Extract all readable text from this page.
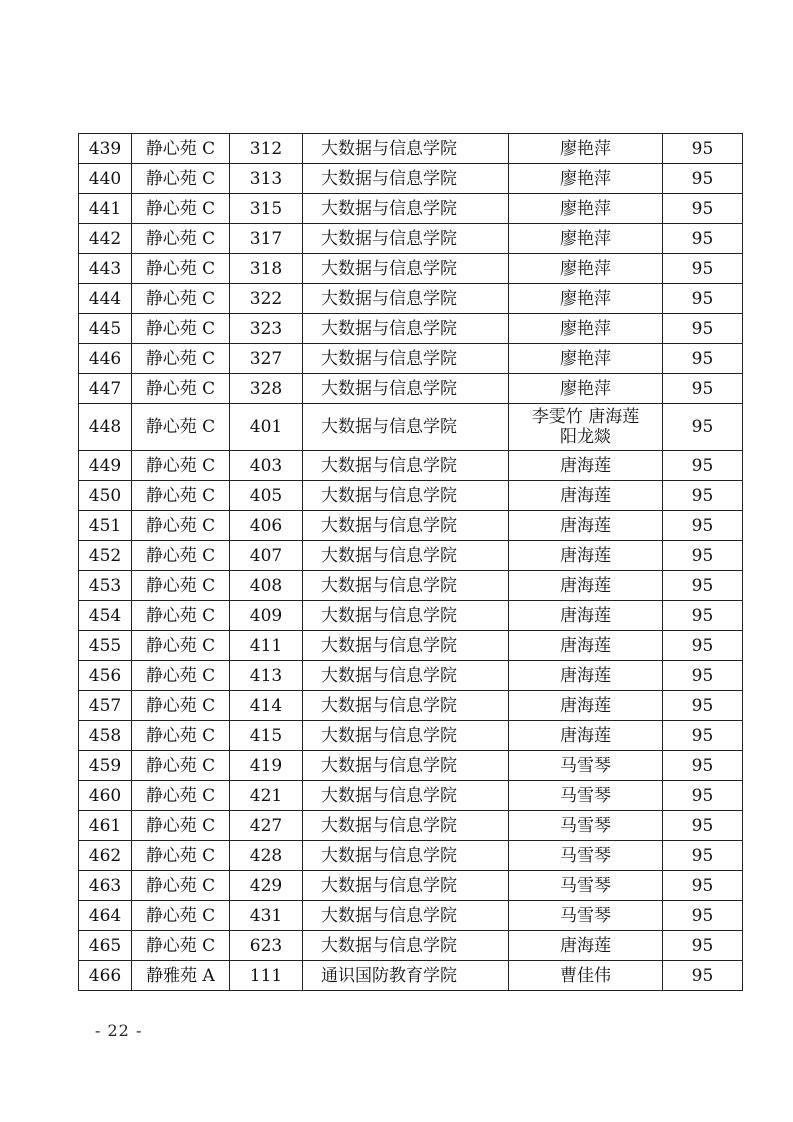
439	静心苑 C	312	大数据与信息学院	廖艳萍	95
440	静心苑 C	313	大数据与信息学院	廖艳萍	95
441	静心苑 C	315	大数据与信息学院	廖艳萍	95
442	静心苑 C	317	大数据与信息学院	廖艳萍	95
443	静心苑 C	318	大数据与信息学院	廖艳萍	95
444	静心苑 C	322	大数据与信息学院	廖艳萍	95
445	静心苑 C	323	大数据与信息学院	廖艳萍	95
446	静心苑 C	327	大数据与信息学院	廖艳萍	95
447	静心苑 C	328	大数据与信息学院	廖艳萍	95
448	静心苑 C	401	大数据与信息学院	李雯竹 唐海莲
阳龙燚	95
449	静心苑 C	403	大数据与信息学院	唐海莲	95
450	静心苑 C	405	大数据与信息学院	唐海莲	95
451	静心苑 C	406	大数据与信息学院	唐海莲	95
452	静心苑 C	407	大数据与信息学院	唐海莲	95
453	静心苑 C	408	大数据与信息学院	唐海莲	95
454	静心苑 C	409	大数据与信息学院	唐海莲	95
455	静心苑 C	411	大数据与信息学院	唐海莲	95
456	静心苑 C	413	大数据与信息学院	唐海莲	95
457	静心苑 C	414	大数据与信息学院	唐海莲	95
458	静心苑 C	415	大数据与信息学院	唐海莲	95
459	静心苑 C	419	大数据与信息学院	马雪琴	95
460	静心苑 C	421	大数据与信息学院	马雪琴	95
461	静心苑 C	427	大数据与信息学院	马雪琴	95
462	静心苑 C	428	大数据与信息学院	马雪琴	95
463	静心苑 C	429	大数据与信息学院	马雪琴	95
464	静心苑 C	431	大数据与信息学院	马雪琴	95
465	静心苑 C	623	大数据与信息学院	唐海莲	95
466	静雅苑 A	111	通识国防教育学院	曹佳伟	95
- 22 -
